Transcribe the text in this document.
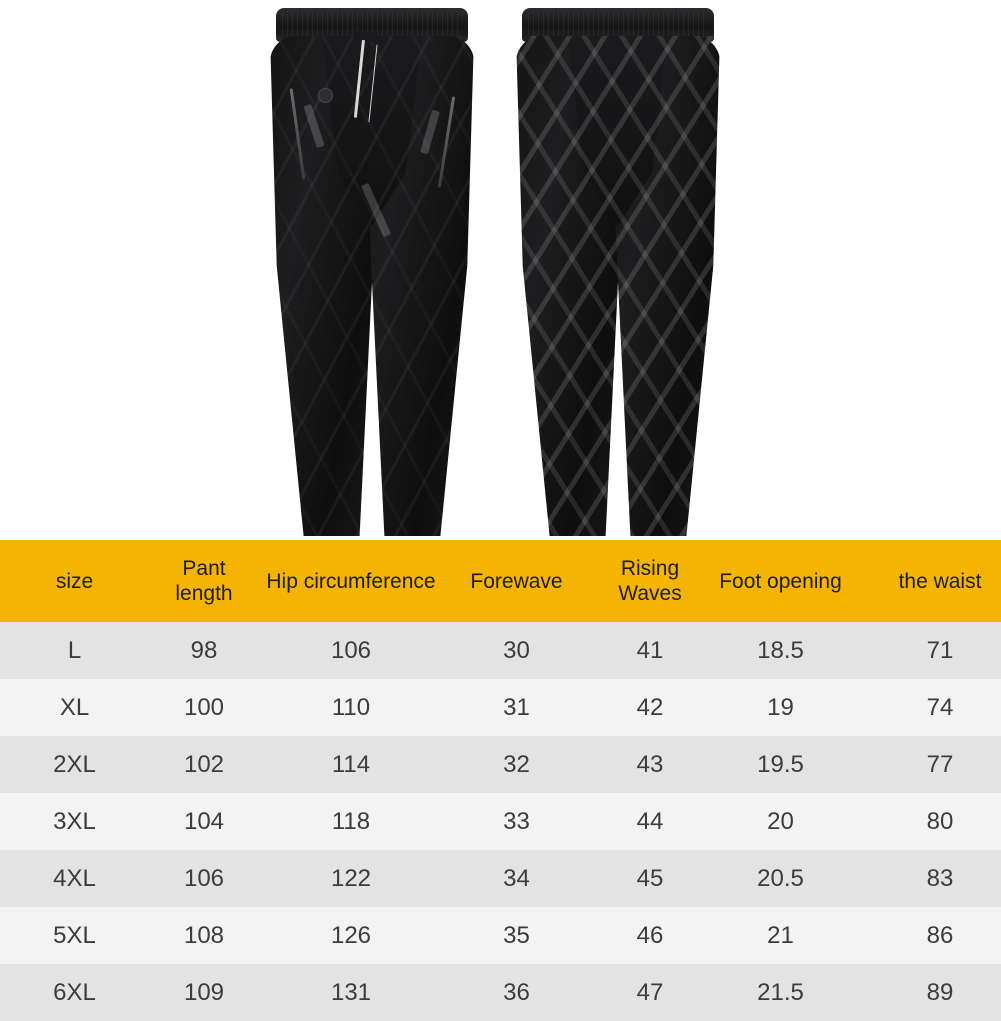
size	Pant length	Hip circumference	Forewave	Rising Waves	Foot opening	the waist
L	98	106	30	41	18.5	71
XL	100	110	31	42	19	74
2XL	102	114	32	43	19.5	77
3XL	104	118	33	44	20	80
4XL	106	122	34	45	20.5	83
5XL	108	126	35	46	21	86
6XL	109	131	36	47	21.5	89
